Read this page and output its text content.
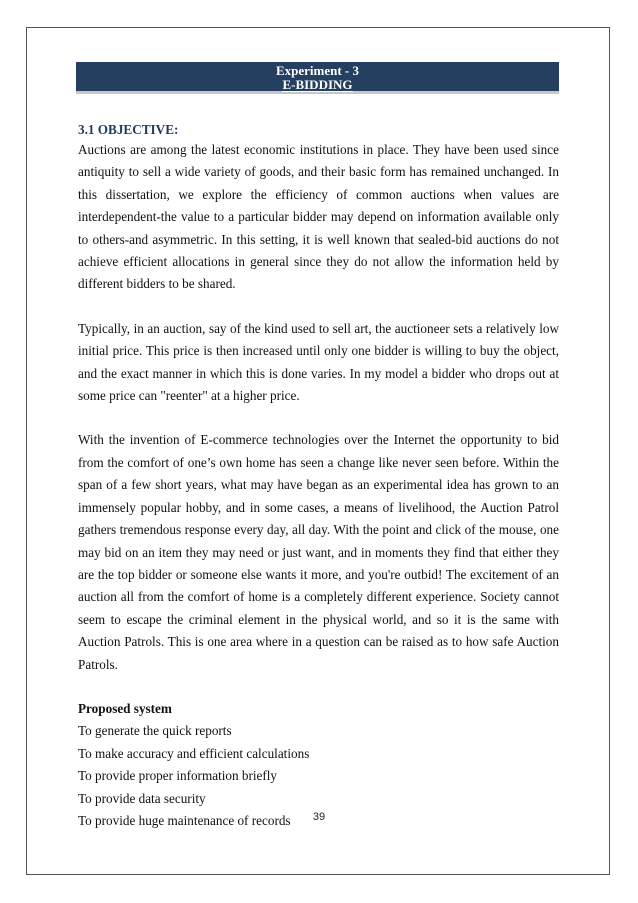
Experiment - 3
E-BIDDING
3.1 OBJECTIVE:

Auctions are among the latest economic institutions in place. They have been used since antiquity to sell a wide variety of goods, and their basic form has remained unchanged. In this dissertation, we explore the efficiency of common auctions when values are interdependent-the value to a particular bidder may depend on information available only to others-and asymmetric. In this setting, it is well known that sealed-bid auctions do not achieve efficient allocations in general since they do not allow the information held by different bidders to be shared.

Typically, in an auction, say of the kind used to sell art, the auctioneer sets a relatively low initial price. This price is then increased until only one bidder is willing to buy the object, and the exact manner in which this is done varies. In my model a bidder who drops out at some price can "reenter" at a higher price.

With the invention of E-commerce technologies over the Internet the opportunity to bid from the comfort of one’s own home has seen a change like never seen before. Within the span of a few short years, what may have began as an experimental idea has grown to an immensely popular hobby, and in some cases, a means of livelihood, the Auction Patrol gathers tremendous response every day, all day. With the point and click of the mouse, one may bid on an item they may need or just want, and in moments they find that either they are the top bidder or someone else wants it more, and you're outbid! The excitement of an auction all from the comfort of home is a completely different experience. Society cannot seem to escape the criminal element in the physical world, and so it is the same with Auction Patrols. This is one area where in a question can be raised as to how safe Auction Patrols.

Proposed system
To generate the quick reports
To make accuracy and efficient calculations
To provide proper information briefly
To provide data security
To provide huge maintenance of records	39
